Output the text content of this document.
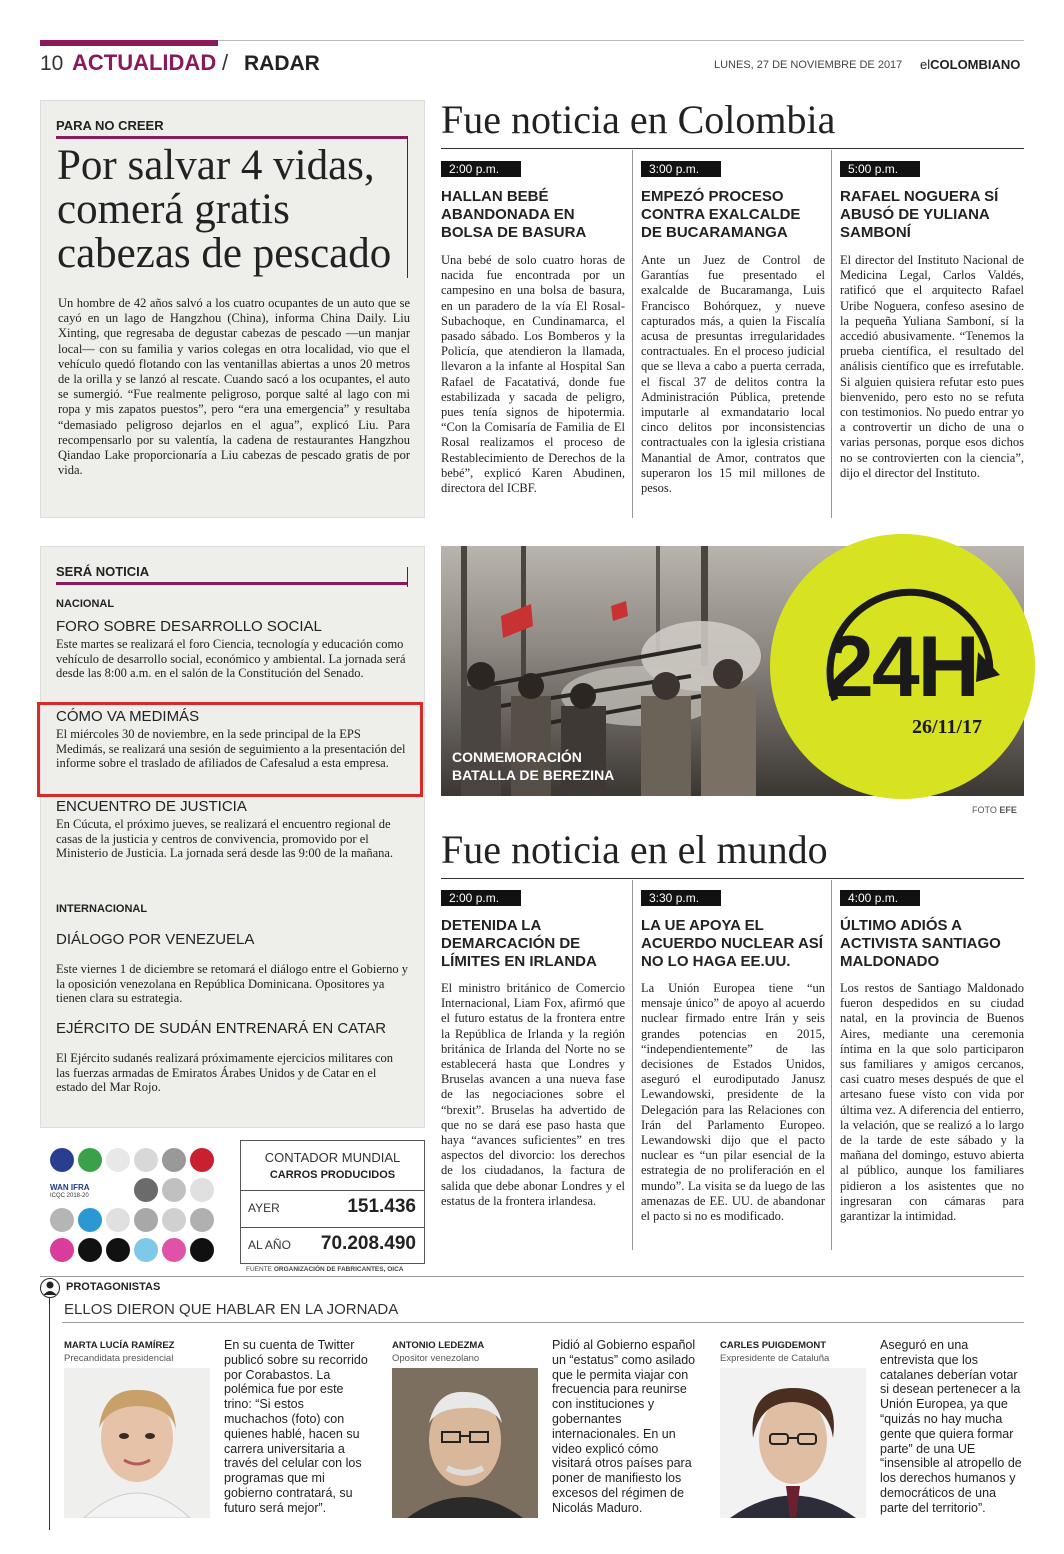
10 ACTUALIDAD / RADAR	LUNES, 27 DE NOVIEMBRE DE 2017 elCOLOMBIANO
PARA NO CREER
Por salvar 4 vidas, comerá gratis cabezas de pescado
Un hombre de 42 años salvó a los cuatro ocupantes de un auto que se cayó en un lago de Hangzhou (China), informa China Daily. Liu Xinting, que regresaba de degustar cabezas de pescado —un manjar local— con su familia y varios colegas en otra localidad, vio que el vehículo quedó flotando con las ventanillas abiertas a unos 20 metros de la orilla y se lanzó al rescate. Cuando sacó a los ocupantes, el auto se sumergió. “Fue realmente peligroso, porque salté al lago con mi ropa y mis zapatos puestos”, pero “era una emergencia” y resultaba “demasiado peligroso dejarlos en el agua”, explicó Liu. Para recompensarlo por su valentía, la cadena de restaurantes Hangzhou Qiandao Lake proporcionaría a Liu cabezas de pescado gratis de por vida.
Fue noticia en Colombia
2:00 p.m.
HALLAN BEBÉ ABANDONADA EN BOLSA DE BASURA
Una bebé de solo cuatro horas de nacida fue encontrada por un campesino en una bolsa de basura, en un paradero de la vía El Rosal-Subachoque, en Cundinamarca, el pasado sábado. Los Bomberos y la Policía, que atendieron la llamada, llevaron a la infante al Hospital San Rafael de Facatativá, donde fue estabilizada y sacada de peligro, pues tenía signos de hipotermia. “Con la Comisaría de Familia de El Rosal realizamos el proceso de Restablecimiento de Derechos de la bebé”, explicó Karen Abudinen, directora del ICBF.
3:00 p.m.
EMPEZÓ PROCESO CONTRA EXALCALDE DE BUCARAMANGA
Ante un Juez de Control de Garantías fue presentado el exalcalde de Bucaramanga, Luis Francisco Bohórquez, y nueve capturados más, a quien la Fiscalía acusa de presuntas irregularidades contractuales. En el proceso judicial que se lleva a cabo a puerta cerrada, el fiscal 37 de delitos contra la Administración Pública, pretende imputarle al exmandatario local cinco delitos por inconsistencias contractuales con la iglesia cristiana Manantial de Amor, contratos que superaron los 15 mil millones de pesos.
5:00 p.m.
RAFAEL NOGUERA SÍ ABUSÓ DE YULIANA SAMBONÍ
El director del Instituto Nacional de Medicina Legal, Carlos Valdés, ratificó que el arquitecto Rafael Uribe Noguera, confeso asesino de la pequeña Yuliana Samboní, sí la accedió abusivamente. “Tenemos la prueba científica, el resultado del análisis científico que es irrefutable. Si alguien quisiera refutar esto pues bienvenido, pero esto no se refuta con testimonios. No puedo entrar yo a controvertir un dicho de una o varias personas, porque esos dichos no se controvierten con la ciencia”, dijo el director del Instituto.
SERÁ NOTICIA
NACIONAL
FORO SOBRE DESARROLLO SOCIAL
Este martes se realizará el foro Ciencia, tecnología y educación como vehículo de desarrollo social, económico y ambiental. La jornada será desde las 8:00 a.m. en el salón de la Constitución del Senado.
CÓMO VA MEDIMÁS
El miércoles 30 de noviembre, en la sede principal de la EPS Medimás, se realizará una sesión de seguimiento a la presentación del informe sobre el traslado de afiliados de Cafesalud a esta empresa.
ENCUENTRO DE JUSTICIA
En Cúcuta, el próximo jueves, se realizará el encuentro regional de casas de la justicia y centros de convivencia, promovido por el Ministerio de Justicia. La jornada será desde las 9:00 de la mañana.
INTERNACIONAL
DIÁLOGO POR VENEZUELA
Este viernes 1 de diciembre se retomará el diálogo entre el Gobierno y la oposición venezolana en República Dominicana. Opositores ya tienen clara su estrategia.
EJÉRCITO DE SUDÁN ENTRENARÁ EN CATAR
El Ejército sudanés realizará próximamente ejercicios militares con las fuerzas armadas de Emiratos Árabes Unidos y de Catar en el estado del Mar Rojo.
CONMEMORACIÓN BATALLA DE BEREZINA
24H
26/11/17
FOTO EFE
Fue noticia en el mundo
2:00 p.m.
DETENIDA LA DEMARCACIÓN DE LÍMITES EN IRLANDA
El ministro británico de Comercio Internacional, Liam Fox, afirmó que el futuro estatus de la frontera entre la República de Irlanda y la región británica de Irlanda del Norte no se establecerá hasta que Londres y Bruselas avancen a una nueva fase de las negociaciones sobre el “brexit”. Bruselas ha advertido de que no se dará ese paso hasta que haya “avances suficientes” en tres aspectos del divorcio: los derechos de los ciudadanos, la factura de salida que debe abonar Londres y el estatus de la frontera irlandesa.
3:30 p.m.
LA UE APOYA EL ACUERDO NUCLEAR ASÍ NO LO HAGA EE.UU.
La Unión Europea tiene “un mensaje único” de apoyo al acuerdo nuclear firmado entre Irán y seis grandes potencias en 2015, “independientemente” de las decisiones de Estados Unidos, aseguró el eurodiputado Janusz Lewandowski, presidente de la Delegación para las Relaciones con Irán del Parlamento Europeo. Lewandowski dijo que el pacto nuclear es “un pilar esencial de la estrategia de no proliferación en el mundo”. La visita se da luego de las amenazas de EE. UU. de abandonar el pacto si no es modificado.
4:00 p.m.
ÚLTIMO ADIÓS A ACTIVISTA SANTIAGO MALDONADO
Los restos de Santiago Maldonado fueron despedidos en su ciudad natal, en la provincia de Buenos Aires, mediante una ceremonia íntima en la que solo participaron sus familiares y amigos cercanos, casi cuatro meses después de que el artesano fuese visto con vida por última vez. A diferencia del entierro, la velación, que se realizó a lo largo de la tarde de este sábado y la mañana del domingo, estuvo abierta al público, aunque los familiares pidieron a los asistentes que no ingresaran con cámaras para garantizar la intimidad.
WAN IFRA
ICQC 2018-20
CONTADOR MUNDIAL
CARROS PRODUCIDOS
AYER	151.436
AL AÑO	70.208.490
FUENTE ORGANIZACIÓN DE FABRICANTES, OICA
PROTAGONISTAS
ELLOS DIERON QUE HABLAR EN LA JORNADA
MARTA LUCÍA RAMÍREZ
Precandidata presidencial
En su cuenta de Twitter publicó sobre su recorrido por Corabastos. La polémica fue por este trino: “Si estos muchachos (foto) con quienes hablé, hacen su carrera universitaria a través del celular con los programas que mi gobierno contratará, su futuro será mejor”.
ANTONIO LEDEZMA
Opositor venezolano
Pidió al Gobierno español un “estatus” como asilado que le permita viajar con frecuencia para reunirse con instituciones y gobernantes internacionales. En un video explicó cómo visitará otros países para poner de manifiesto los excesos del régimen de Nicolás Maduro.
CARLES PUIGDEMONT
Expresidente de Cataluña
Aseguró en una entrevista que los catalanes deberían votar si desean pertenecer a la Unión Europea, ya que “quizás no hay mucha gente que quiera formar parte” de una UE “insensible al atropello de los derechos humanos y democráticos de una parte del territorio”.
